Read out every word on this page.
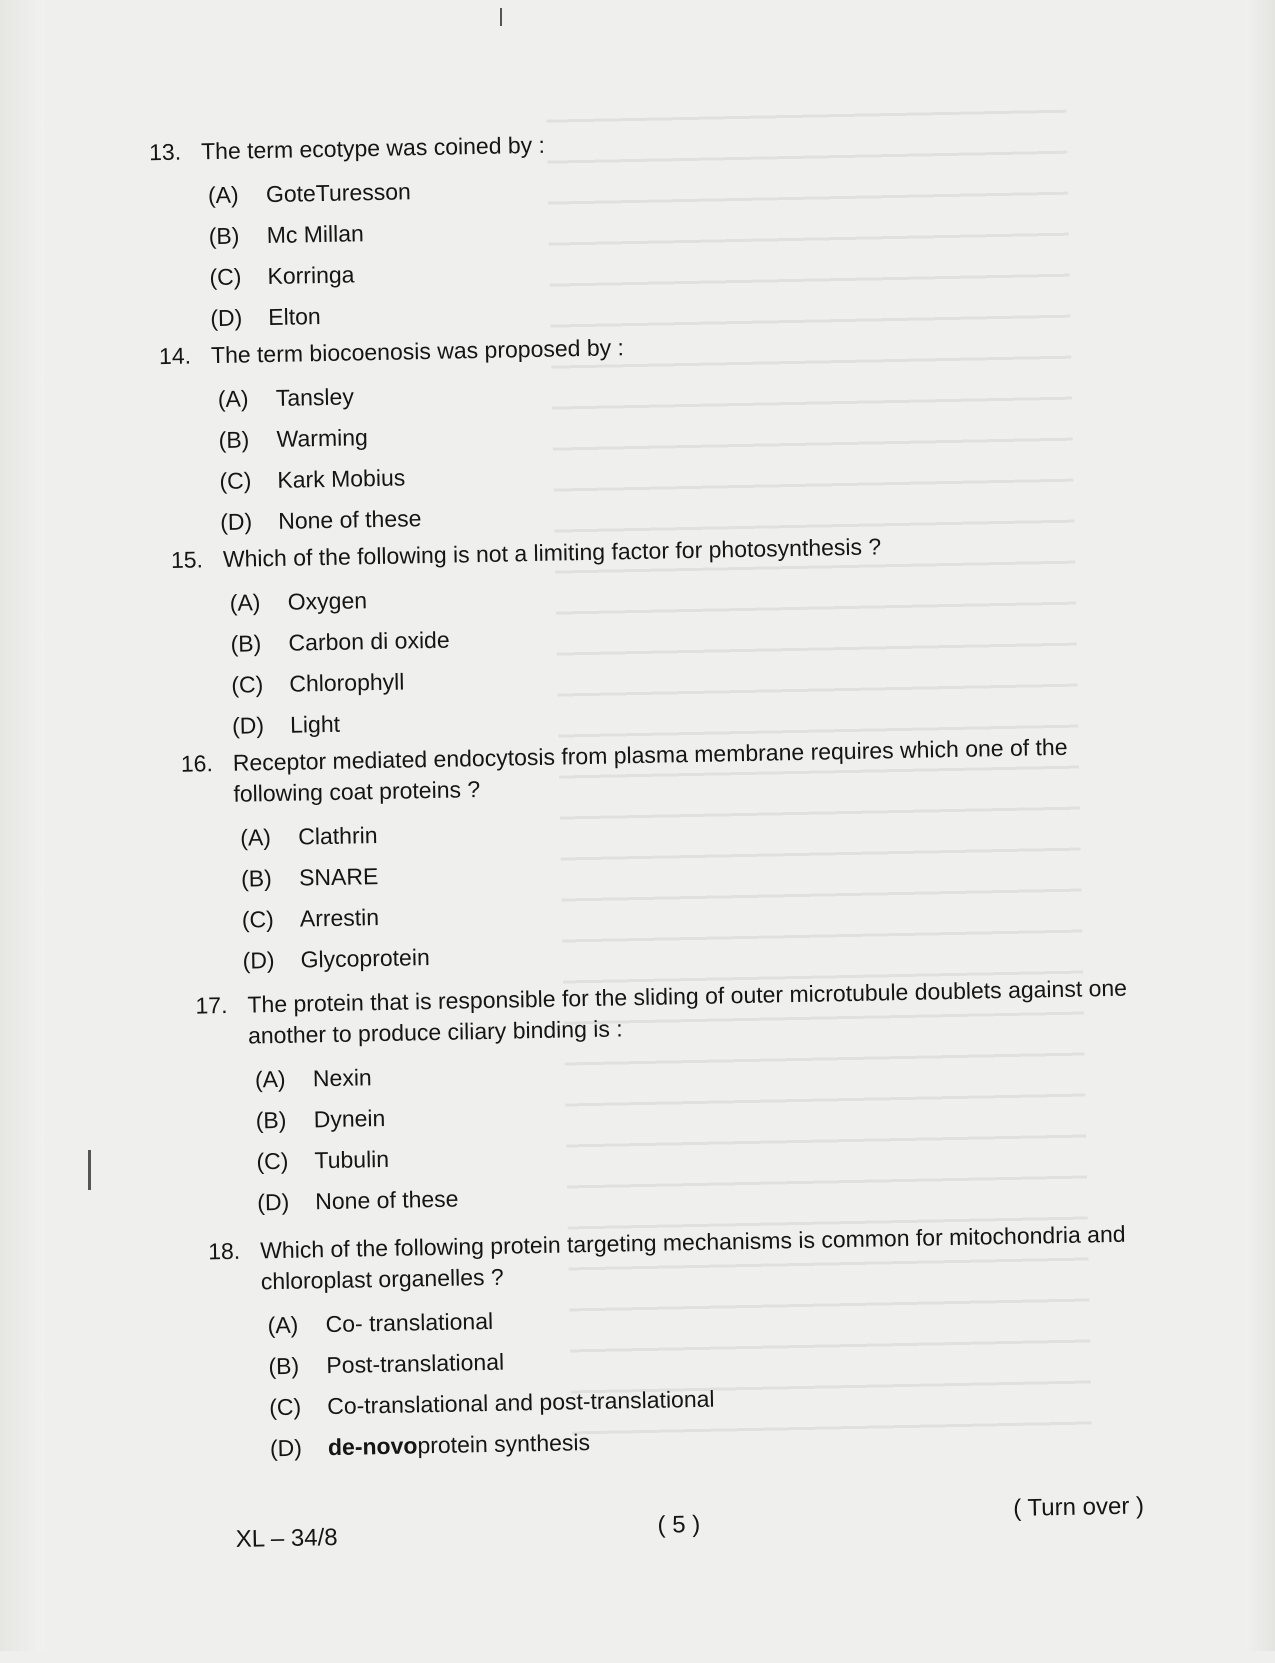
13. The term ecotype was coined by :
(A)	GoteTuresson
(B)	Mc Millan
(C)	Korringa
(D)	Elton
14. The term biocoenosis was proposed by :
(A)	Tansley
(B)	Warming
(C)	Kark Mobius
(D)	None of these
15. Which of the following is not a limiting factor for photosynthesis ?
(A)	Oxygen
(B)	Carbon di oxide
(C)	Chlorophyll
(D)	Light
16. Receptor mediated endocytosis from plasma membrane requires which one of the following coat proteins ?
(A)	Clathrin
(B)	SNARE
(C)	Arrestin
(D)	Glycoprotein
17. The protein that is responsible for the sliding of outer microtubule doublets against one another to produce ciliary binding is :
(A)	Nexin
(B)	Dynein
(C)	Tubulin
(D)	None of these
18. Which of the following protein targeting mechanisms is common for mitochondria and chloroplast organelles ?
(A)	Co- translational
(B)	Post-translational
(C)	Co-translational and post-translational
(D)	de-novo protein synthesis
XL – 34/8	( 5 )
( Turn over )
